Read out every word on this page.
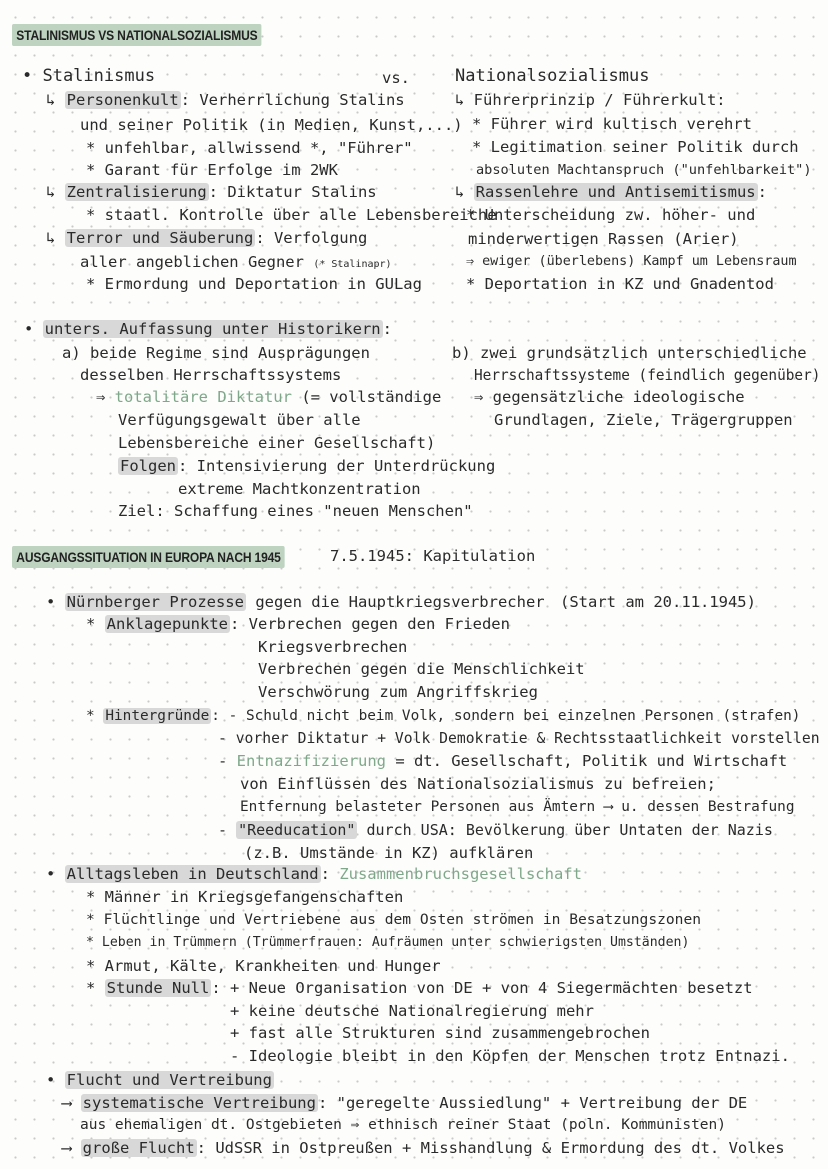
STALINISMUS VS NATIONALSOZIALISMUS
• Stalinismus	vs.
↳ Personenkult : Verherrlichung Stalins
und seiner Politik (in Medien, Kunst,...)
* unfehlbar, allwissend *, "Führer"
* Garant für Erfolge im 2WK
↳ Zentralisierung : Diktatur Stalins
* staatl. Kontrolle über alle Lebensbereiche
↳ Terror und Säuberung : Verfolgung
aller angeblichen Gegner (* Stalinapr)
* Ermordung und Deportation in GULag
Nationalsozialismus
↳ Führerprinzip / Führerkult:
* Führer wird kultisch verehrt
* Legitimation seiner Politik durch
absoluten Machtanspruch ("unfehlbarkeit")
↳ Rassenlehre und Antisemitismus :
* Unterscheidung zw. höher- und
minderwertigen Rassen (Arier)
⇒ ewiger (überlebens) Kampf um Lebensraum
* Deportation in KZ und Gnadentod
• unters. Auffassung unter Historikern :
a) beide Regime sind Ausprägungen
desselben Herrschaftssystems
⇒ totalitäre Diktatur (= vollständige
Verfügungsgewalt über alle
Lebensbereiche einer Gesellschaft)
Folgen : Intensivierung der Unterdrückung
extreme Machtkonzentration
Ziel: Schaffung eines "neuen Menschen"
b) zwei grundsätzlich unterschiedliche
Herrschaftssysteme (feindlich gegenüber)
⇒ gegensätzliche ideologische
Grundlagen, Ziele, Trägergruppen
AUSGANGSSITUATION IN EUROPA NACH 1945	7.5.1945: Kapitulation
• Nürnberger Prozesse gegen die Hauptkriegsverbrecher (Start am 20.11.1945)
* Anklagepunkte : Verbrechen gegen den Frieden
Kriegsverbrechen
Verbrechen gegen die Menschlichkeit
Verschwörung zum Angriffskrieg
* Hintergründe : - Schuld nicht beim Volk, sondern bei einzelnen Personen (strafen)
- vorher Diktatur + Volk Demokratie & Rechtsstaatlichkeit vorstellen
- Entnazifizierung = dt. Gesellschaft, Politik und Wirtschaft
von Einflüssen des Nationalsozialismus zu befreien;
Entfernung belasteter Personen aus Ämtern ⟶ u. dessen Bestrafung
- "Reeducation" durch USA: Bevölkerung über Untaten der Nazis
(z.B. Umstände in KZ) aufklären
• Alltagsleben in Deutschland : Zusammenbruchsgesellschaft
* Männer in Kriegsgefangenschaften
* Flüchtlinge und Vertriebene aus dem Osten strömen in Besatzungszonen
* Leben in Trümmern (Trümmerfrauen: Aufräumen unter schwierigsten Umständen)
* Armut, Kälte, Krankheiten und Hunger
* Stunde Null : + Neue Organisation von DE + von 4 Siegermächten besetzt
+ keine deutsche Nationalregierung mehr
+ fast alle Strukturen sind zusammengebrochen
- Ideologie bleibt in den Köpfen der Menschen trotz Entnazi.
• Flucht und Vertreibung
⟶ systematische Vertreibung : "geregelte Aussiedlung" + Vertreibung der DE
aus ehemaligen dt. Ostgebieten ⇒ ethnisch reiner Staat (poln. Kommunisten)
⟶ große Flucht : UdSSR in Ostpreußen + Misshandlung & Ermordung des dt. Volkes
